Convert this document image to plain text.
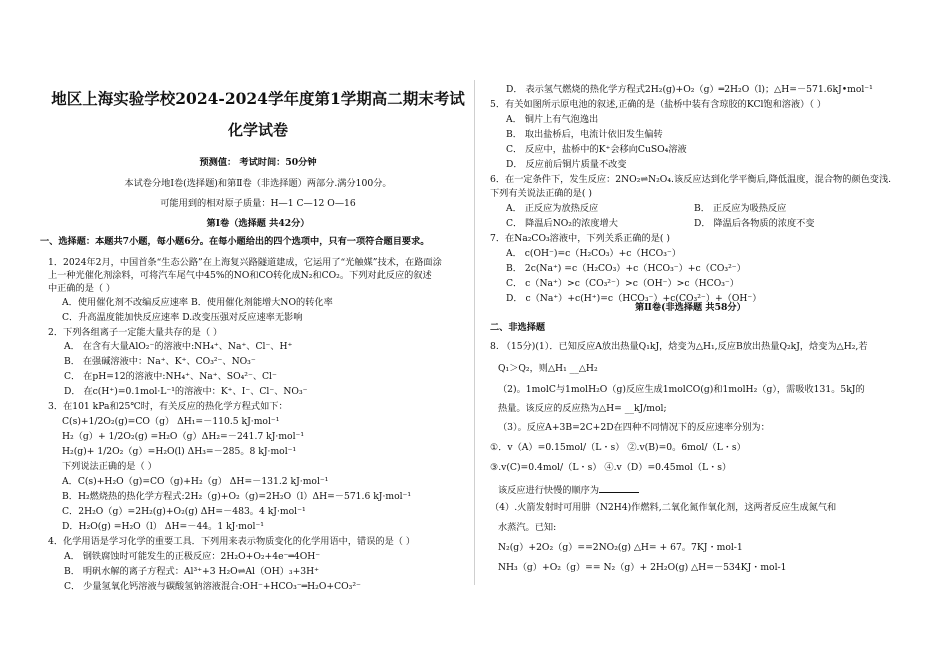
地区上海实验学校2024-2024学年度第1学期高二期末考试
化学试卷
预测值： 考试时间：50分钟
本试卷分地Ⅰ卷(选择题)和第Ⅱ卷（非选择题）两部分.满分100分。
可能用到的相对原子质量：H—1 C—12 O—16
第Ⅰ卷（选择题 共42分）
一、选择题：本题共7小题，每小题6分。在每小题给出的四个选项中，只有一项符合题目要求。
1．2024年2月，中国首条“生态公路”在上海复兴路隧道建成，它运用了“光触媒”技术，在路面涂
上一种光催化剂涂料，可将汽车尾气中45%的NO和CO转化成N₂和CO₂。下列对此反应的叙述
中正确的是（ ）
A．使用催化剂不改编反应速率 B．使用催化剂能增大NO的转化率
C．升高温度能加快反应速率 D.改变压强对反应速率无影响
2．下列各组离子一定能大量共存的是（ ）
A． 在含有大量AlO₂⁻的溶液中:NH₄⁺、Na⁺、Cl⁻、H⁺
B． 在强碱溶液中：Na⁺、K⁺、CO₃²⁻、NO₃⁻
C． 在pH=12的溶液中:NH₄⁺、Na⁺、SO₄²⁻、Cl⁻
D． 在c(H⁺)=0.1mol·L⁻¹的溶液中：K⁺、I⁻、Cl⁻、NO₃⁻
3．在101 kPa和25℃时，有关反应的热化学方程式如下：
C(s)+1/2O₂(g)=CO（g） ΔH₁=－110.5 kJ·mol⁻¹
H₂（g）+ 1/2O₂(g) =H₂O（g）ΔH₂=－241.7 kJ·mol⁻¹
H₂(g)+ 1/2O₂（g）=H₂O(l) ΔH₃=－285。8 kJ·mol⁻¹
下列说法正确的是（ ）
A．C(s)+H₂O（g)=CO（g)+H₂（g） ΔH=－131.2 kJ·mol⁻¹
B．H₂燃烧热的热化学方程式:2H₂（g)+O₂（g)=2H₂O（l）ΔH=－571.6 kJ·mol⁻¹
C．2H₂O（g）=2H₂(g)+O₂(g) ΔH=－483。4 kJ·mol⁻¹
D．H₂O(g) =H₂O（l） ΔH=－44。1 kJ·mol⁻¹
4．化学用语是学习化学的重要工具．下列用来表示物质变化的化学用语中，错误的是（ ）
A． 钢铁腐蚀时可能发生的正极反应：2H₂O+O₂+4e⁻═4OH⁻
B． 明矾水解的离子方程式：Al³⁺+3 H₂O⇌Al（OH）₃+3H⁺
C． 少量氢氧化钙溶液与碳酸氢钠溶液混合:OH⁻+HCO₃⁻═H₂O+CO₃²⁻
D． 表示氢气燃烧的热化学方程式2H₂(g)+O₂（g）═2H₂O（l)；△H=－571.6kJ•mol⁻¹
5．有关如图所示原电池的叙述,正确的是（盐桥中装有含琼胶的KCl饱和溶液）（ ）
A． 铜片上有气泡逸出
B． 取出盐桥后，电流计依旧发生偏转
C． 反应中，盐桥中的K⁺会移向CuSO₄溶液
D． 反应前后铜片质量不改变
6．在一定条件下，发生反应：2NO₂⇌N₂O₄.该反应达到化学平衡后,降低温度，混合物的颜色变浅.
下列有关说法正确的是( )
A． 正反应为放热反应	B． 正反应为吸热反应
C． 降温后NO₂的浓度增大	D． 降温后各物质的浓度不变
7．在Na₂CO₃溶液中，下列关系正确的是( )
A． c(OH⁻)=c（H₂CO₃）+c（HCO₃⁻）
B． 2c(Na⁺) =c（H₂CO₃）+c（HCO₃⁻）+c（CO₃²⁻）
C． c（Na⁺）>c（CO₃²⁻）>c（OH⁻）>c（HCO₃⁻）
D． c（Na⁺）+c(H⁺)=c（HCO₃⁻）+c(CO₃²⁻）+（OH⁻）
第Ⅱ卷(非选择题 共58分）
二、非选择题
8. （15分)(1）．已知反应A放出热量Q₁kJ，焓变为△H₁,反应B放出热量Q₂kJ，焓变为△H₂,若
Q₁＞Q₂，则△H₁ __△H₂
（2)。1molC与1molH₂O（g)反应生成1molCO(g)和1molH₂（g），需吸收131。5kJ的
热量。该反应的反应热为△H= __kJ/mol;
（3）。反应A+3B=2C+2D在四种不同情况下的反应速率分别为：
①．v（A）=0.15mol/（L・s） ②.v(B)=0。6mol/（L・s）
③.v(C)=0.4mol/（L・s） ④.v（D）=0.45mol（L・s）
该反应进行快慢的顺序为
（4）.火箭发射时可用肼（N2H4)作燃料,二氧化氮作氧化剂，这两者反应生成氮气和
水蒸汽。已知:
N₂(g）+2O₂（g）==2NO₂(g) △H= + 67。7KJ・mol-1
NH₃（g）+O₂（g）== N₂（g）+ 2H₂O(g) △H=－534KJ・mol-1
